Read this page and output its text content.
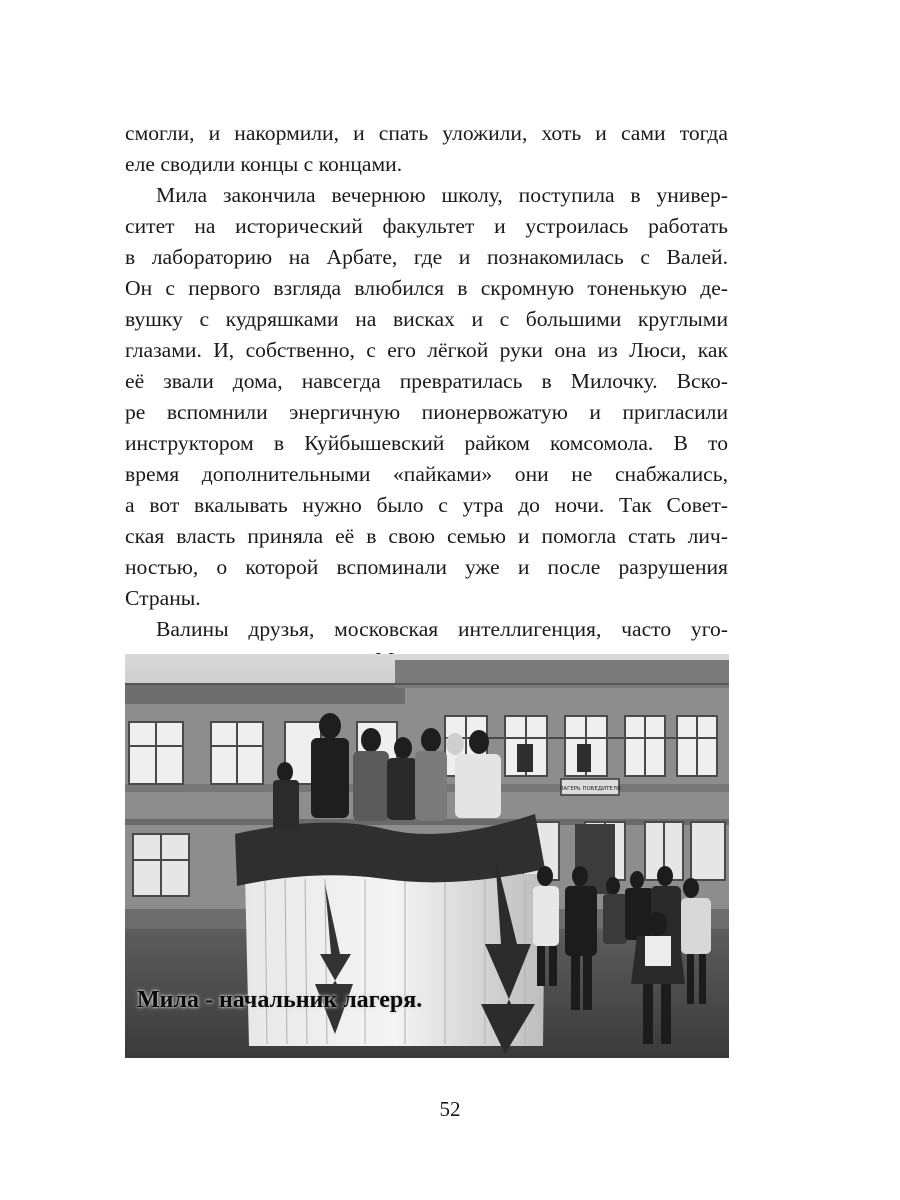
смогли, и накормили, и спать уложили, хоть и сами тогда
еле сводили концы с концами.
Мила закончила вечернюю школу, поступила в универ-
ситет на исторический факультет и устроилась работать
в лабораторию на Арбате, где и познакомилась с Валей.
Он с первого взгляда влюбился в скромную тоненькую де-
вушку с кудряшками на висках и с большими круглыми
глазами. И, собственно, с его лёгкой руки она из Люси, как
её звали дома, навсегда превратилась в Милочку. Вско-
ре вспомнили энергичную пионервожатую и пригласили
инструктором в Куйбышевский райком комсомола. В то
время дополнительными «пайками» они не снабжались,
а вот вкалывать нужно было с утра до ночи. Так Совет-
ская власть приняла её в свою семью и помогла стать лич-
ностью, о которой вспоминали уже и после разрушения
Страны.
Валины друзья, московская интеллигенция, часто уго-
ЛАГЕРЬ ПОБЕДИТЕЛЯ
Мила - начальник лагеря.
52
